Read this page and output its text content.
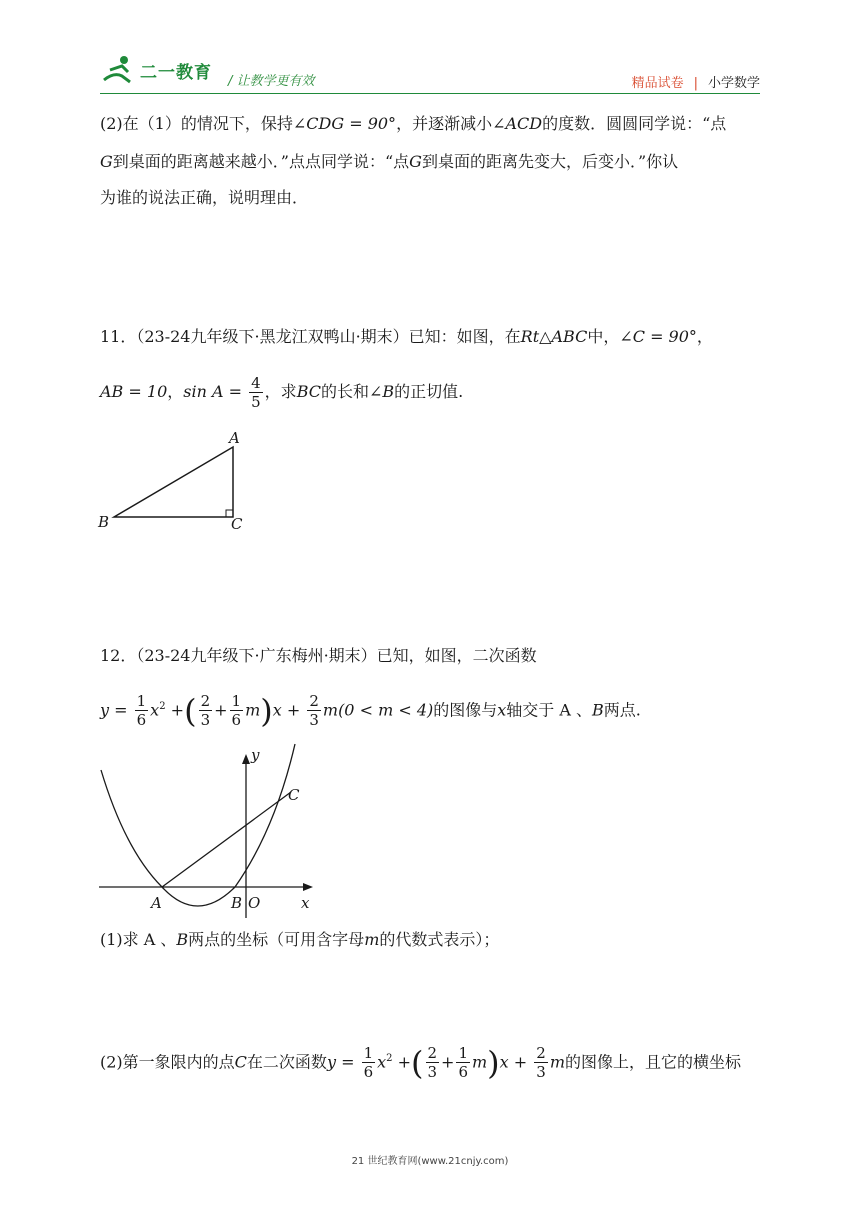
二一教育 / 让教学更有效	精品试卷 | 小学数学
(2)在（1）的情况下，保持∠CDG = 90°，并逐渐减小∠ACD的度数．圆圆同学说：“点
G到桌面的距离越来越小．”点点同学说：“点G到桌面的距离先变大，后变小．”你认
为谁的说法正确，说明理由．
11．（23-24九年级下·黑龙江双鸭山·期末）已知：如图，在Rt△ABC中，∠C = 90°，
AB = 10，$\sin A = \frac{4}{5}$ ，求BC的长和∠B的正切值.
A
B	C
12．（23-24九年级下·广东梅州·期末）已知，如图，二次函数
$y = \frac{1}{6} x^2$ +( $\frac{2}{3} + \frac{1}{6} m)x + \frac{2}{3} m(0 < m < 4)$的图像与x轴交于 A 、B两点.
y
x
A	B O
C
(1)求 A 、B两点的坐标（可用含字母m的代数式表示）；
(2)第一象限内的点C在二次函数$y = \frac{1}{6} x^2$ +( $\frac{2}{3} + \frac{1}{6} m)x + \frac{2}{3}$ m的图像上，且它的横坐标
21 世纪教育网(www.21cnjy.com)
